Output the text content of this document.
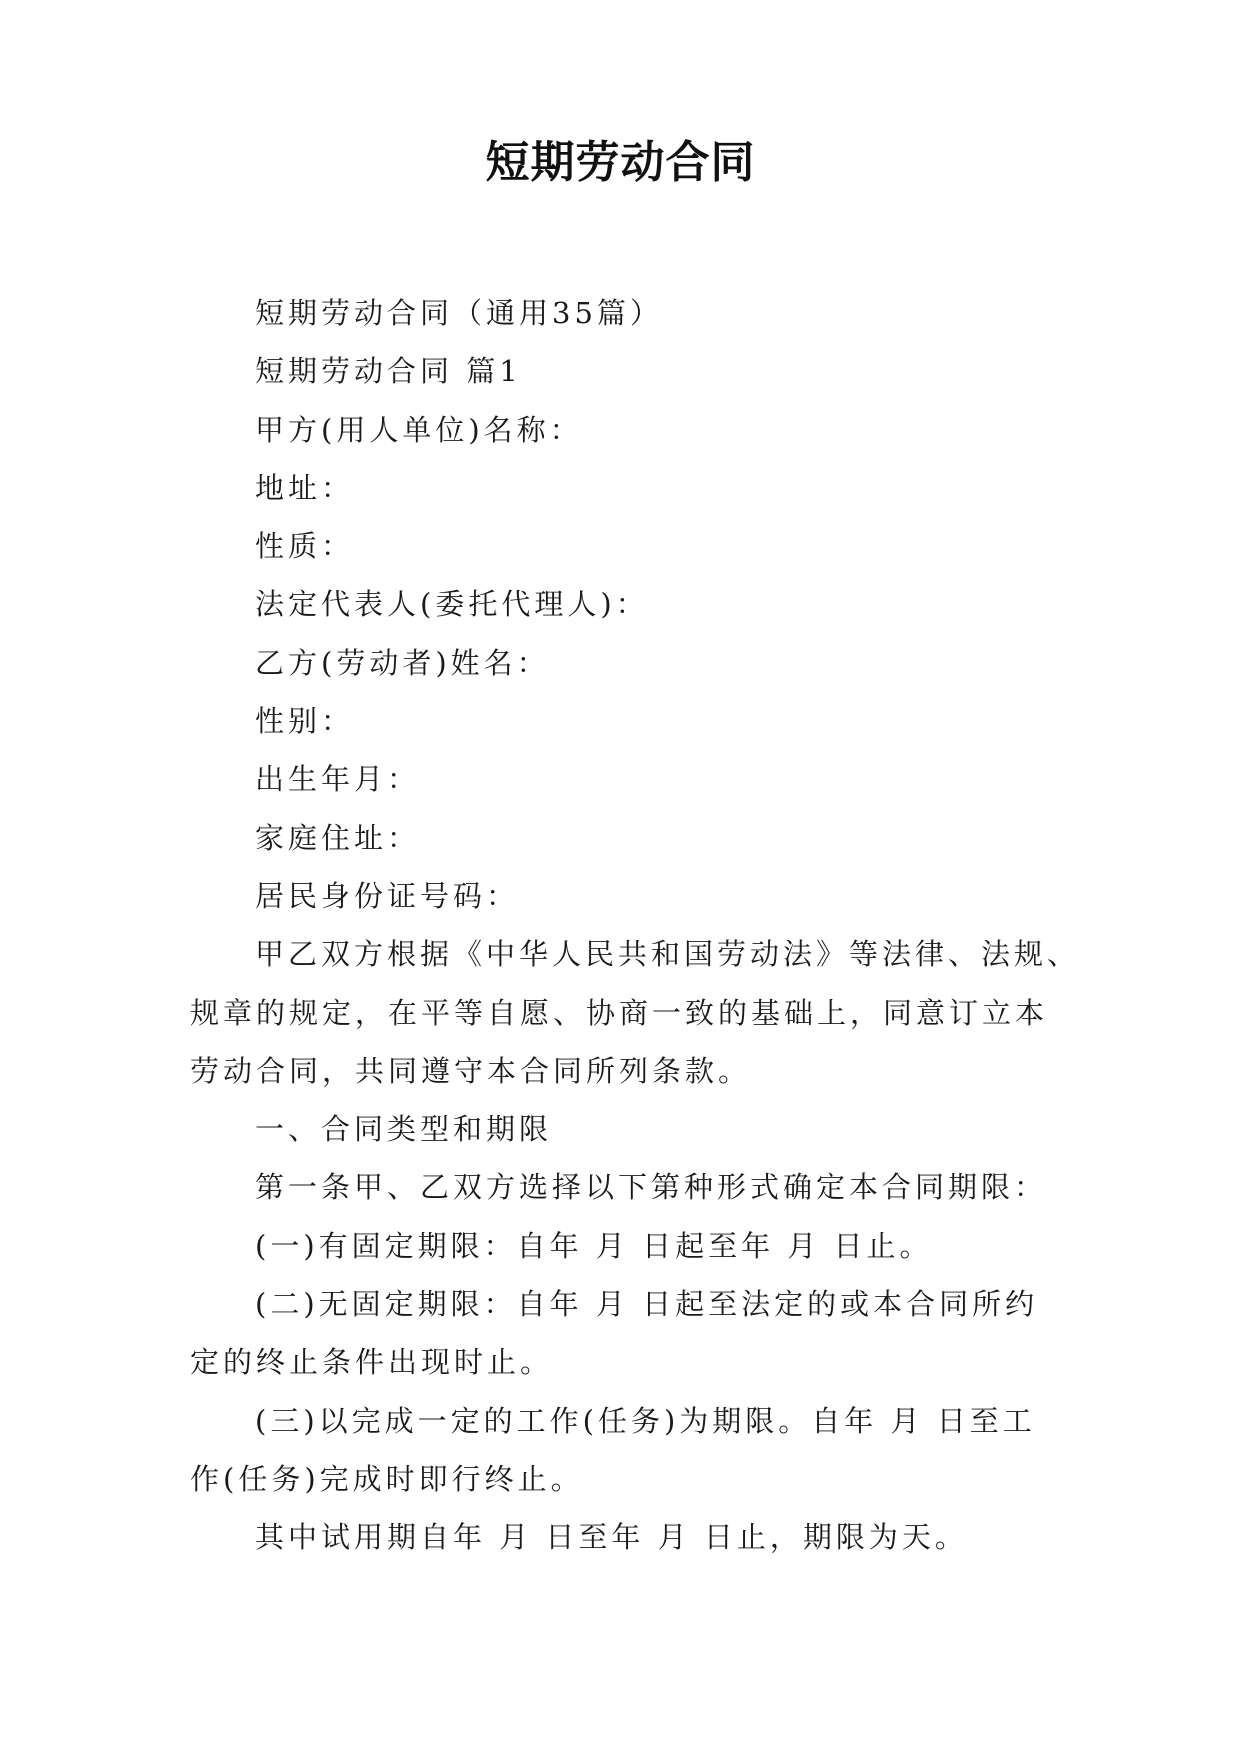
短期劳动合同
短期劳动合同（通用35篇）
短期劳动合同 篇1
甲方(用人单位)名称：
地址：
性质：
法定代表人(委托代理人)：
乙方(劳动者)姓名：
性别：
出生年月：
家庭住址：
居民身份证号码：
甲乙双方根据《中华人民共和国劳动法》等法律、法规、
规章的规定，在平等自愿、协商一致的基础上，同意订立本
劳动合同，共同遵守本合同所列条款。
一、合同类型和期限
第一条甲、乙双方选择以下第种形式确定本合同期限：
(一)有固定期限：自年 月 日起至年 月 日止。
(二)无固定期限：自年 月 日起至法定的或本合同所约
定的终止条件出现时止。
(三)以完成一定的工作(任务)为期限。自年 月 日至工
作(任务)完成时即行终止。
其中试用期自年 月 日至年 月 日止，期限为天。
